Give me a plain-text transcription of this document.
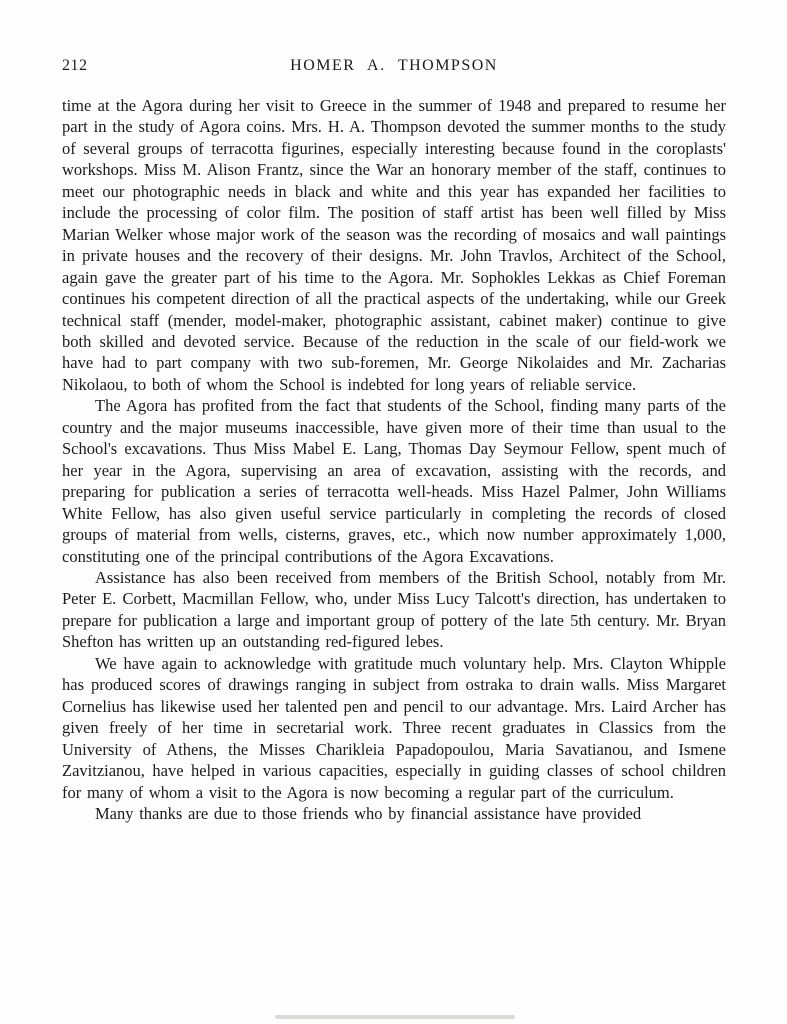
212	HOMER A. THOMPSON

time at the Agora during her visit to Greece in the summer of 1948 and prepared to resume her part in the study of Agora coins. Mrs. H. A. Thompson devoted the summer months to the study of several groups of terracotta figurines, especially interesting because found in the coroplasts' workshops. Miss M. Alison Frantz, since the War an honorary member of the staff, continues to meet our photographic needs in black and white and this year has expanded her facilities to include the processing of color film. The position of staff artist has been well filled by Miss Marian Welker whose major work of the season was the recording of mosaics and wall paintings in private houses and the recovery of their designs. Mr. John Travlos, Architect of the School, again gave the greater part of his time to the Agora. Mr. Sophokles Lekkas as Chief Foreman continues his competent direction of all the practical aspects of the undertaking, while our Greek technical staff (mender, model-maker, photographic assistant, cabinet maker) continue to give both skilled and devoted service. Because of the reduction in the scale of our field-work we have had to part company with two sub-foremen, Mr. George Nikolaides and Mr. Zacharias Nikolaou, to both of whom the School is indebted for long years of reliable service.

The Agora has profited from the fact that students of the School, finding many parts of the country and the major museums inaccessible, have given more of their time than usual to the School's excavations. Thus Miss Mabel E. Lang, Thomas Day Seymour Fellow, spent much of her year in the Agora, supervising an area of excavation, assisting with the records, and preparing for publication a series of terracotta well-heads. Miss Hazel Palmer, John Williams White Fellow, has also given useful service particularly in completing the records of closed groups of material from wells, cisterns, graves, etc., which now number approximately 1,000, constituting one of the principal contributions of the Agora Excavations.

Assistance has also been received from members of the British School, notably from Mr. Peter E. Corbett, Macmillan Fellow, who, under Miss Lucy Talcott's direction, has undertaken to prepare for publication a large and important group of pottery of the late 5th century. Mr. Bryan Shefton has written up an outstanding red-figured lebes.

We have again to acknowledge with gratitude much voluntary help. Mrs. Clayton Whipple has produced scores of drawings ranging in subject from ostraka to drain walls. Miss Margaret Cornelius has likewise used her talented pen and pencil to our advantage. Mrs. Laird Archer has given freely of her time in secretarial work. Three recent graduates in Classics from the University of Athens, the Misses Charikleia Papadopoulou, Maria Savatianou, and Ismene Zavitzianou, have helped in various capacities, especially in guiding classes of school children for many of whom a visit to the Agora is now becoming a regular part of the curriculum.

Many thanks are due to those friends who by financial assistance have provided
